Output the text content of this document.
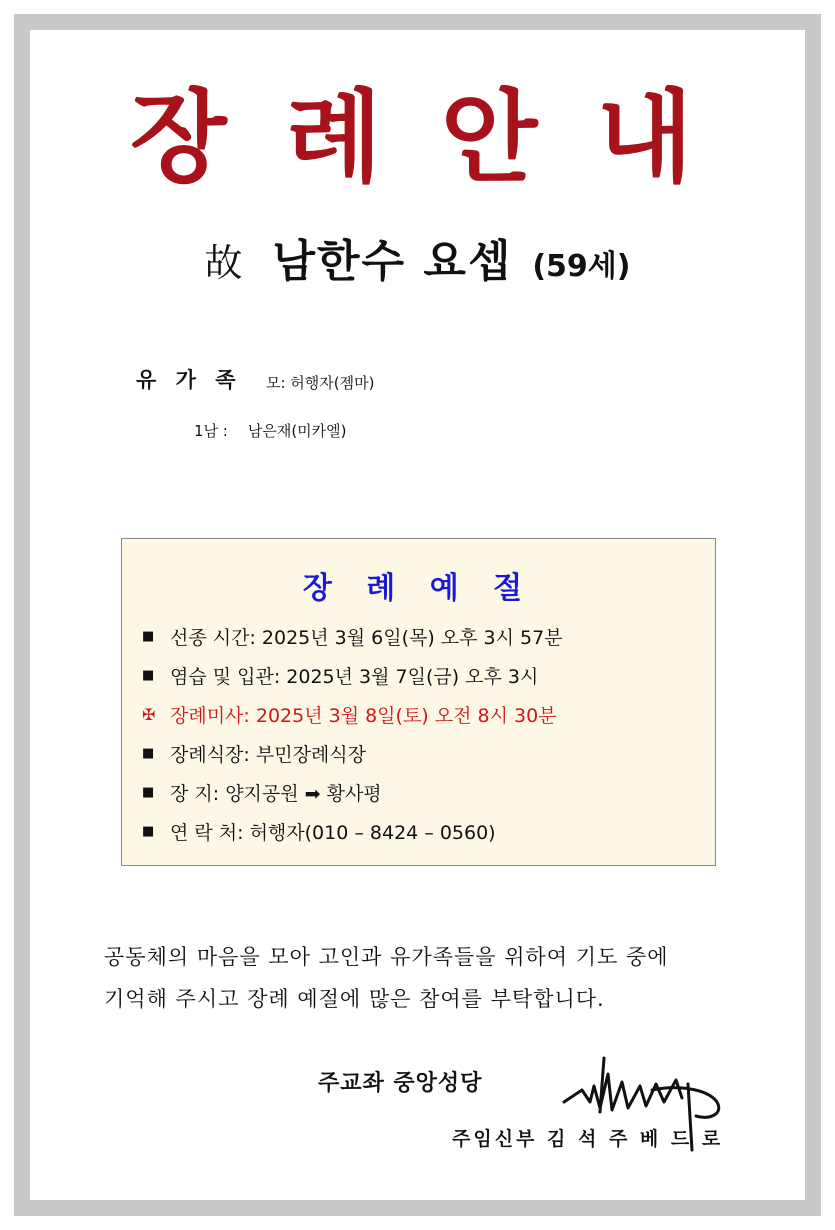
장 례 안 내
故 남한수 요셉 (59세)
유 가 족 모: 허행자(젬마)
1남 : 남은재(미카엘)
장 례 예 절
■ 선종 시간: 2025년 3월 6일(목) 오후 3시 57분
■ 염습 및 입관: 2025년 3월 7일(금) 오후 3시
✠ 장례미사: 2025년 3월 8일(토) 오전 8시 30분
■ 장례식장: 부민장례식장
■ 장 지: 양지공원 ➡ 황사평
■ 연 락 처: 허행자(010 – 8424 – 0560)

공동체의 마음을 모아 고인과 유가족들을 위하여 기도 중에

기억해 주시고 장례 예절에 많은 참여를 부탁합니다.

주교좌 중앙성당
주임신부 김 석 주 베 드 로
